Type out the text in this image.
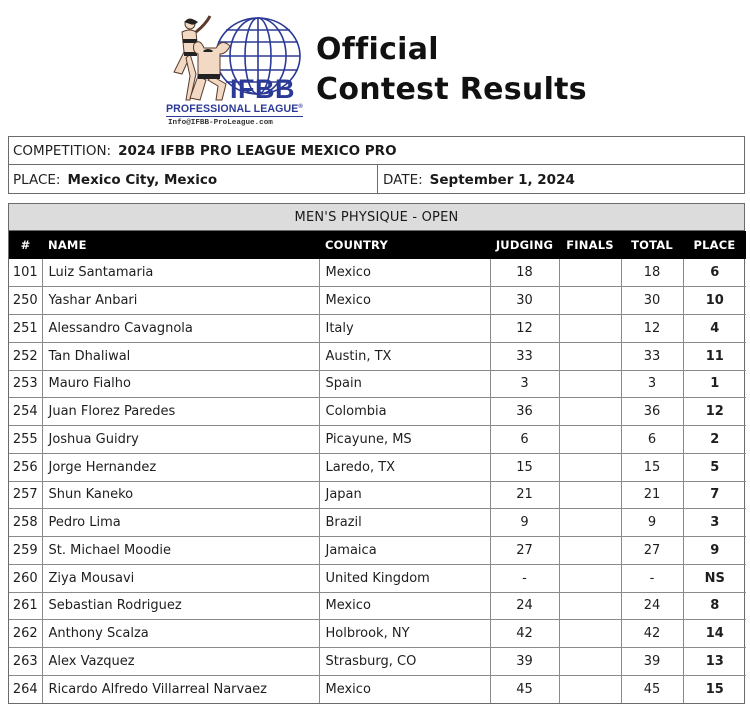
IFBB
PROFESSIONAL LEAGUE®
Info@IFBB-ProLeague.com
Official
Contest Results
COMPETITION: 2024 IFBB PRO LEAGUE MEXICO PRO
PLACE: Mexico City, Mexico	DATE: September 1, 2024
MEN'S PHYSIQUE - OPEN
#	NAME	COUNTRY	JUDGING	FINALS	TOTAL	PLACE
101	Luiz Santamaria	Mexico	18		18	6
250	Yashar Anbari	Mexico	30		30	10
251	Alessandro Cavagnola	Italy	12		12	4
252	Tan Dhaliwal	Austin, TX	33		33	11
253	Mauro Fialho	Spain	3		3	1
254	Juan Florez Paredes	Colombia	36		36	12
255	Joshua Guidry	Picayune, MS	6		6	2
256	Jorge Hernandez	Laredo, TX	15		15	5
257	Shun Kaneko	Japan	21		21	7
258	Pedro Lima	Brazil	9		9	3
259	St. Michael Moodie	Jamaica	27		27	9
260	Ziya Mousavi	United Kingdom	-		-	NS
261	Sebastian Rodriguez	Mexico	24		24	8
262	Anthony Scalza	Holbrook, NY	42		42	14
263	Alex Vazquez	Strasburg, CO	39		39	13
264	Ricardo Alfredo Villarreal Narvaez	Mexico	45		45	15
